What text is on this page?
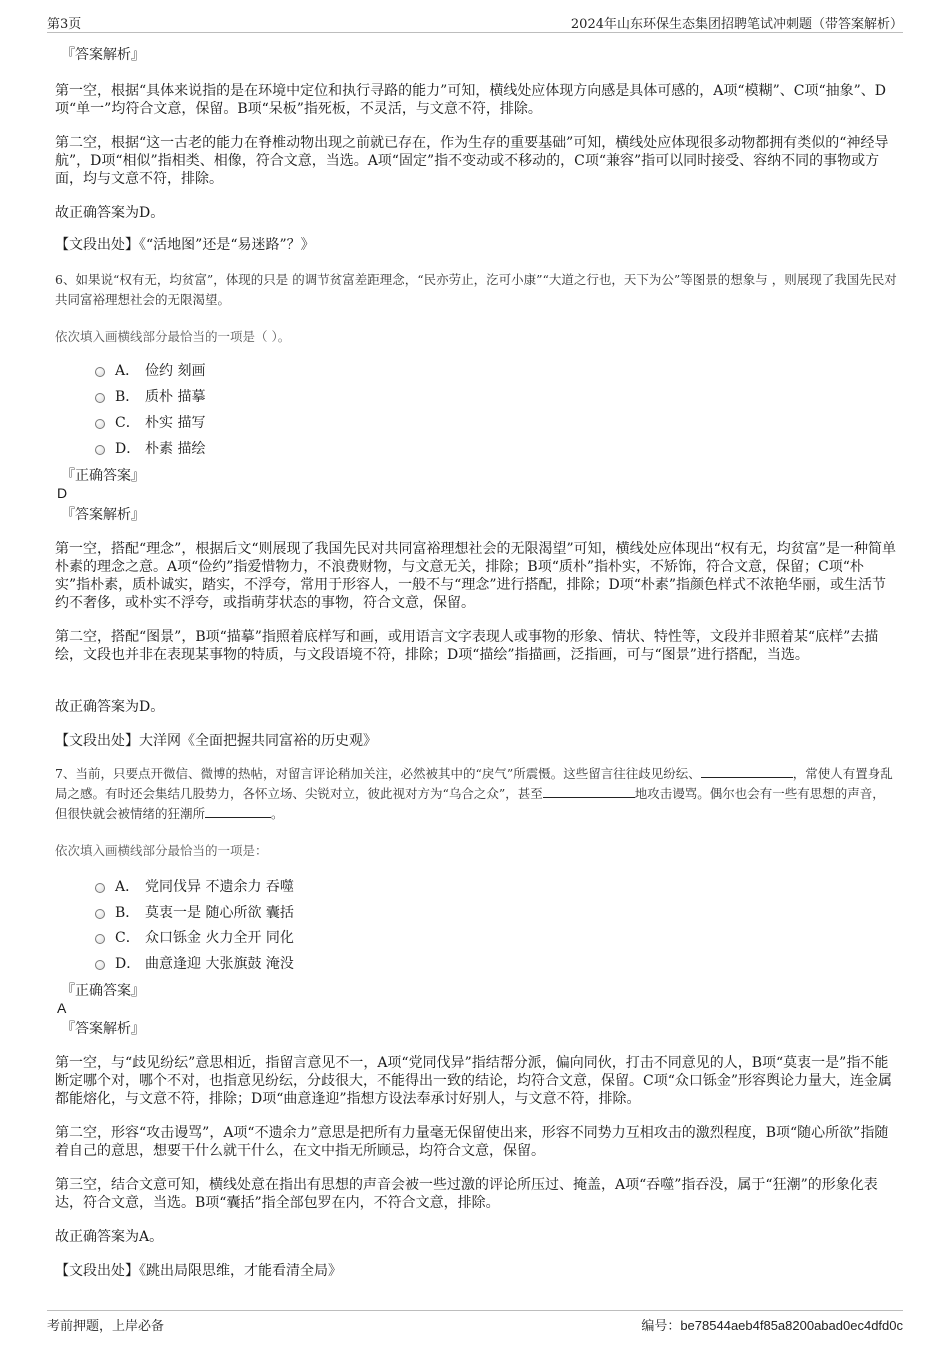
第3页	2024年山东环保生态集团招聘笔试冲刺题（带答案解析）
『答案解析』

第一空，根据“具体来说指的是在环境中定位和执行寻路的能力”可知，横线处应体现方向感是具体可感的，A项“模糊”、C项“抽象”、D项“单一”均符合文意，保留。B项“呆板”指死板，不灵活，与文意不符，排除。

第二空，根据“这一古老的能力在脊椎动物出现之前就已存在，作为生存的重要基础”可知，横线处应体现很多动物都拥有类似的“神经导航”，D项“相似”指相类、相像，符合文意，当选。A项“固定”指不变动或不移动的，C项“兼容”指可以同时接受、容纳不同的事物或方面，均与文意不符，排除。

故正确答案为D。

【文段出处】《“活地图”还是“易迷路”？》

6、如果说“权有无，均贫富”，体现的只是 的调节贫富差距理念，“民亦劳止，汔可小康”“大道之行也，天下为公”等图景的想象与 ，则展现了我国先民对共同富裕理想社会的无限渴望。

依次填入画横线部分最恰当的一项是（ ）。

A． 俭约 刻画
B． 质朴 描摹
C． 朴实 描写
D． 朴素 描绘
『正确答案』
D
『答案解析』

第一空，搭配“理念”，根据后文“则展现了我国先民对共同富裕理想社会的无限渴望”可知，横线处应体现出“权有无，均贫富”是一种简单朴素的理念之意。A项“俭约”指爱惜物力，不浪费财物，与文意无关，排除；B项“质朴”指朴实，不矫饰，符合文意，保留；C项“朴实”指朴素，质朴诚实，踏实，不浮夸，常用于形容人，一般不与“理念”进行搭配，排除；D项“朴素”指颜色样式不浓艳华丽，或生活节约不奢侈，或朴实不浮夸，或指萌芽状态的事物，符合文意，保留。

第二空，搭配“图景”，B项“描摹”指照着底样写和画，或用语言文字表现人或事物的形象、情状、特性等，文段并非照着某“底样”去描绘，文段也并非在表现某事物的特质，与文段语境不符，排除；D项“描绘”指描画，泛指画，可与“图景”进行搭配，当选。

故正确答案为D。

【文段出处】大洋网《全面把握共同富裕的历史观》

7、当前，只要点开微信、微博的热帖，对留言评论稍加关注，必然被其中的“戾气”所震慑。这些留言往往歧见纷纭、	，常使人有置身乱局之感。有时还会集结几股势力，各怀立场、尖锐对立，彼此视对方为“乌合之众”，甚至	地攻击谩骂。偶尔也会有一些有思想的声音，但很快就会被情绪的狂潮所	。

依次填入画横线部分最恰当的一项是：

A． 党同伐异 不遗余力 吞噬
B． 莫衷一是 随心所欲 囊括
C． 众口铄金 火力全开 同化
D． 曲意逢迎 大张旗鼓 淹没
『正确答案』
A
『答案解析』

第一空，与“歧见纷纭”意思相近，指留言意见不一，A项“党同伐异”指结帮分派，偏向同伙，打击不同意见的人，B项“莫衷一是”指不能断定哪个对，哪个不对，也指意见纷纭，分歧很大，不能得出一致的结论，均符合文意，保留。C项“众口铄金”形容舆论力量大，连金属都能熔化，与文意不符，排除；D项“曲意逢迎”指想方设法奉承讨好别人，与文意不符，排除。

第二空，形容“攻击谩骂”，A项“不遗余力”意思是把所有力量毫无保留使出来，形容不同势力互相攻击的激烈程度，B项“随心所欲”指随着自己的意思，想要干什么就干什么，在文中指无所顾忌，均符合文意，保留。

第三空，结合文意可知，横线处意在指出有思想的声音会被一些过激的评论所压过、掩盖，A项“吞噬”指吞没，属于“狂潮”的形象化表达，符合文意，当选。B项“囊括”指全部包罗在内，不符合文意，排除。

故正确答案为A。

【文段出处】《跳出局限思维，才能看清全局》

考前押题，上岸必备	编号：be78544aeb4f85a8200abad0ec4dfd0c
